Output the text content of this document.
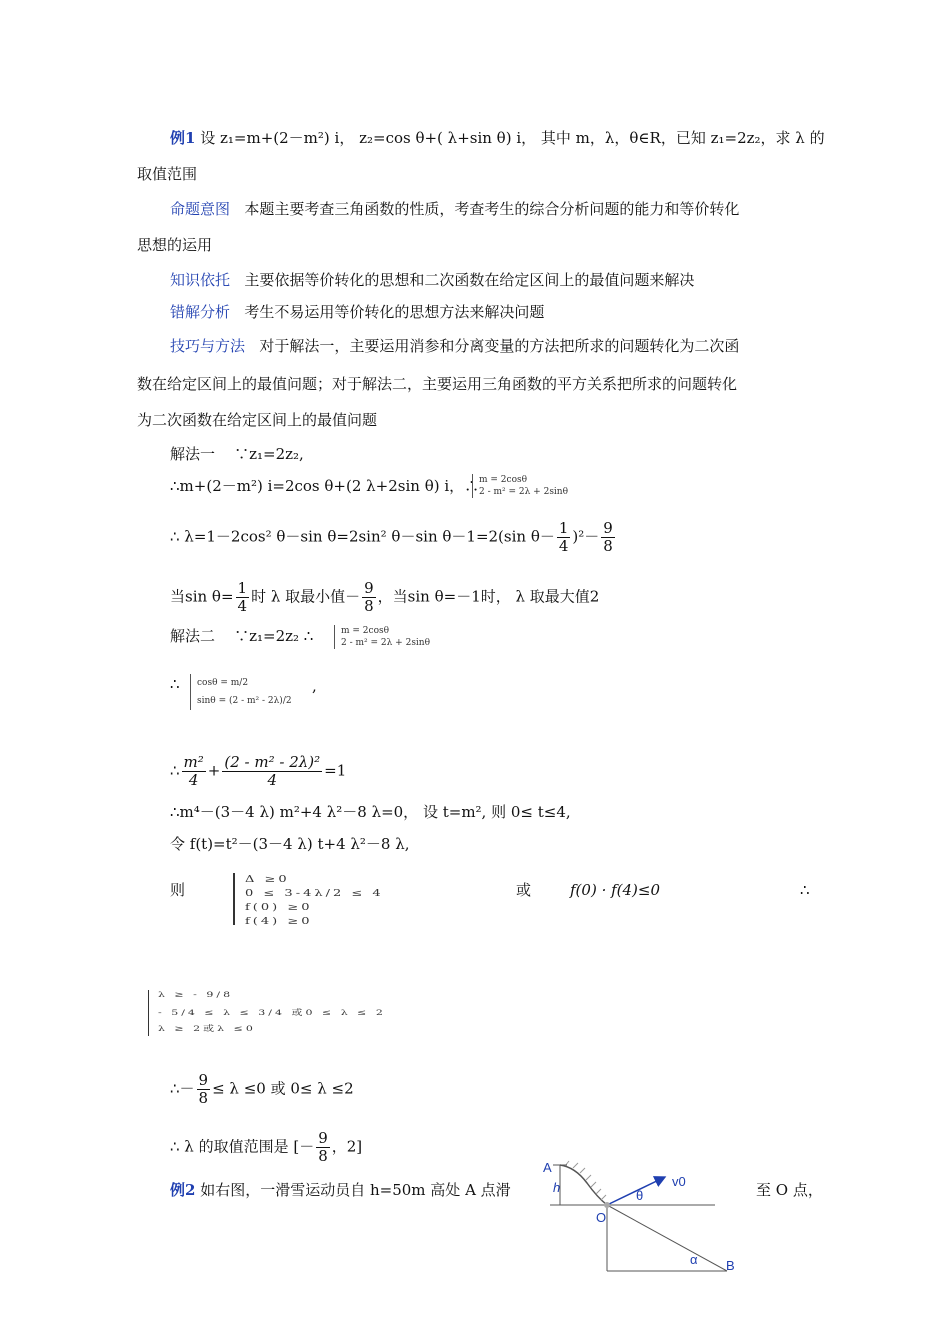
例1 设 z₁=m+(2－m²) i， z₂=cos θ+( λ+sin θ) i， 其中 m，λ，θ∈R，已知 z₁=2z₂，求 λ 的
取值范围
命题意图 本题主要考查三角函数的性质，考查考生的综合分析问题的能力和等价转化
思想的运用
知识依托 主要依据等价转化的思想和二次函数在给定区间上的最值问题来解决
错解分析 考生不易运用等价转化的思想方法来解决问题
技巧与方法 对于解法一，主要运用消参和分离变量的方法把所求的问题转化为二次函
数在给定区间上的最值问题；对于解法二，主要运用三角函数的平方关系把所求的问题转化
为二次函数在给定区间上的最值问题
解法一 ∵z₁=2z₂,
∴m+(2－m²) i=2cos θ+(2 λ+2sin θ) i，∴ m = 2cosθ
2 - m² = 2λ + 2sinθ
∴ λ=1－2cos² θ－sin θ=2sin² θ－sin θ－1=2(sin $\theta- \frac{1}{4} )^2- \frac{9}{8}$
当$\sin \theta= \frac{1}{4}$ 时 λ 取最小值－ $\frac{9}{8}$ ，当sin θ=－1时， λ 取最大值2
解法二 ∵z₁=2z₂ ∴	m = 2cosθ
2 - m² = 2λ + 2sinθ
∴ cosθ = m/2
sinθ = (2 - m² - 2λ)/2
,
∴ $\frac{\text{m²}}{4} + \frac{\text{(2 - m² - 2λ)²}}{4} =1$
∴m⁴－(3－4 λ) m²+4 λ²－8 λ=0， 设 t=m², 则 0≤ t≤4,
令 f(t)=t²－(3－4 λ) t+4 λ²－8 λ,
则
Δ ≥0
0 ≤ 3-4λ/2 ≤ 4
f(0) ≥0
f(4) ≥0
或	f(0) · f(4)≤0	∴
λ ≥ - 9/8
- 5/4 ≤ λ ≤ 3/4 或0 ≤ λ ≤ 2
λ ≥ 2或λ ≤0
∴－ $\frac{9}{8} \le \lambda \le 0$ 或 0≤ λ ≤2
∴ λ 的取值范围是 [－ $\frac{9}{8}$ ，2]
例2 如右图，一滑雪运动员自 h=50m 高处 A 点滑	至 O 点，
A
h
O
v0
θ
α B
